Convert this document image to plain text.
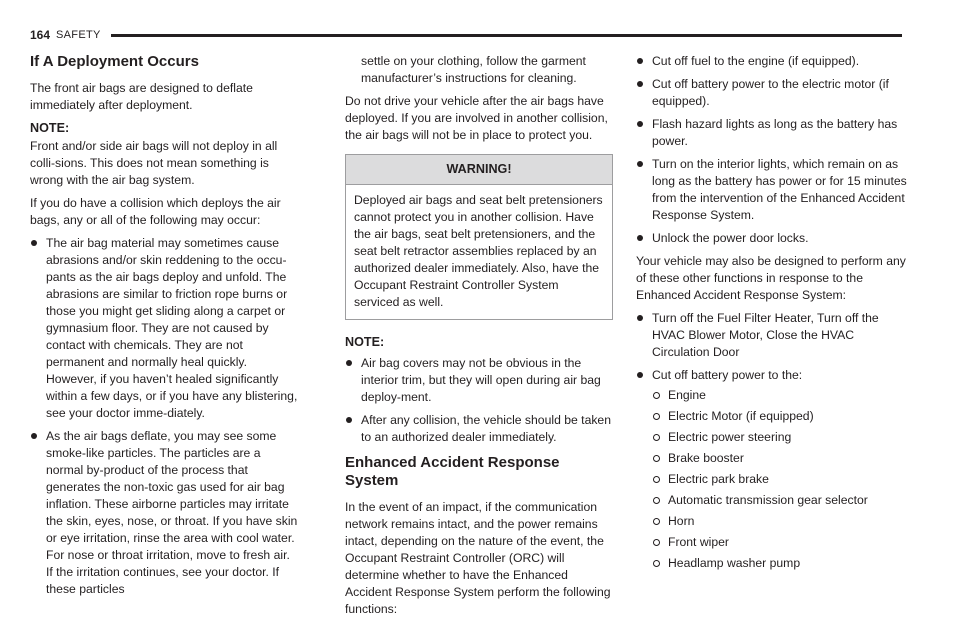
164 SAFETY
If A Deployment Occurs

The front air bags are designed to deflate immediately after deployment.

NOTE:

Front and/or side air bags will not deploy in all colli-sions. This does not mean something is wrong with the air bag system.

If you do have a collision which deploys the air bags, any or all of the following may occur:

The air bag material may sometimes cause abrasions and/or skin reddening to the occu-pants as the air bags deploy and unfold. The abrasions are similar to friction rope burns or those you might get sliding along a carpet or gymnasium floor. They are not caused by contact with chemicals. They are not permanent and normally heal quickly. However, if you haven’t healed significantly within a few days, or if you have any blistering, see your doctor imme-diately.
As the air bags deflate, you may see some smoke-like particles. The particles are a normal by-product of the process that generates the non-toxic gas used for air bag inflation. These airborne particles may irritate the skin, eyes, nose, or throat. If you have skin or eye irritation, rinse the area with cool water. For nose or throat irritation, move to fresh air. If the irritation continues, see your doctor. If these particles
settle on your clothing, follow the garment manufacturer’s instructions for cleaning.

Do not drive your vehicle after the air bags have deployed. If you are involved in another collision, the air bags will not be in place to protect you.

WARNING!
Deployed air bags and seat belt pretensioners cannot protect you in another collision. Have the air bags, seat belt pretensioners, and the seat belt retractor assemblies replaced by an authorized dealer immediately. Also, have the Occupant Restraint Controller System serviced as well.
NOTE:
Air bag covers may not be obvious in the interior trim, but they will open during air bag deploy-ment.
After any collision, the vehicle should be taken to an authorized dealer immediately.
Enhanced Accident Response System

In the event of an impact, if the communication network remains intact, and the power remains intact, depending on the nature of the event, the Occupant Restraint Controller (ORC) will determine whether to have the Enhanced Accident Response System perform the following functions:

Cut off fuel to the engine (if equipped).
Cut off battery power to the electric motor (if equipped).
Flash hazard lights as long as the battery has power.
Turn on the interior lights, which remain on as long as the battery has power or for 15 minutes from the intervention of the Enhanced Accident Response System.
Unlock the power door locks.

Your vehicle may also be designed to perform any of these other functions in response to the Enhanced Accident Response System:

Turn off the Fuel Filter Heater, Turn off the HVAC Blower Motor, Close the HVAC Circulation Door
Cut off battery power to the:
Engine
Electric Motor (if equipped)
Electric power steering
Brake booster
Electric park brake
Automatic transmission gear selector
Horn
Front wiper
Headlamp washer pump
